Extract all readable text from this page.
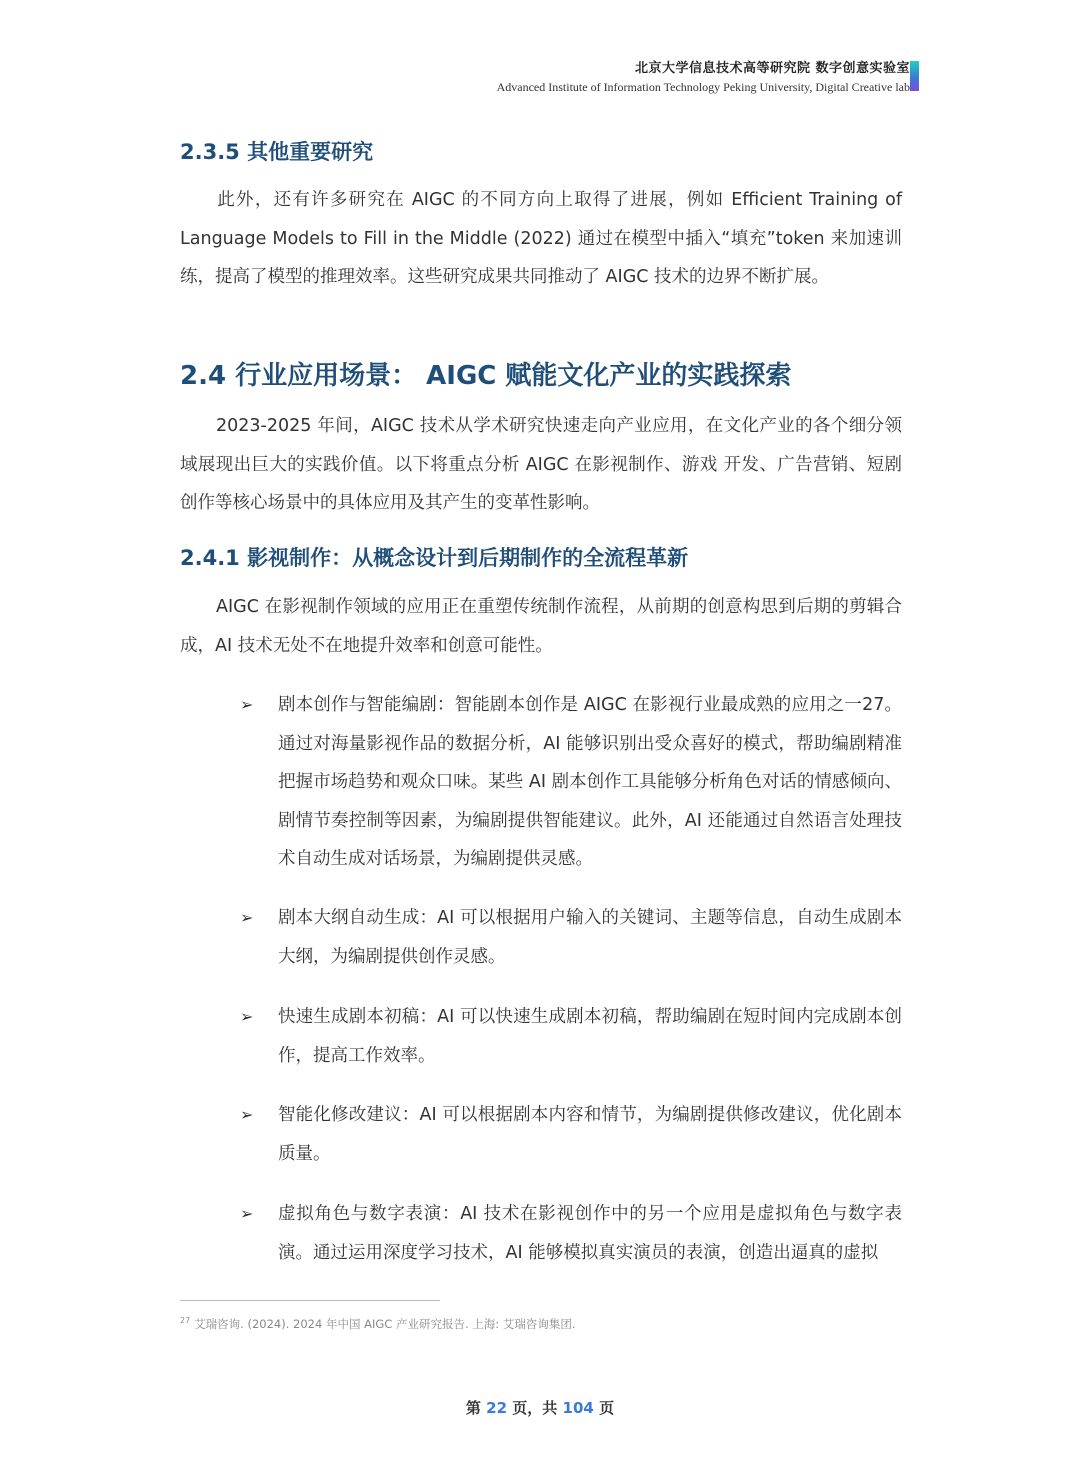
北京大学信息技术高等研究院 数字创意实验室
Advanced Institute of Information Technology Peking University, Digital Creative lab
2.3.5 其他重要研究

此外，还有许多研究在 AIGC 的不同方向上取得了进展，例如 Efficient Training of Language Models to Fill in the Middle (2022) 通过在模型中插入“填充”token 来加速训练，提高了模型的推理效率。这些研究成果共同推动了 AIGC 技术的边界不断扩展。

2.4 行业应用场景： AIGC 赋能文化产业的实践探索

2023-2025 年间，AIGC 技术从学术研究快速走向产业应用，在文化产业的各个细分领域展现出巨大的实践价值。以下将重点分析 AIGC 在影视制作、游戏 开发、广告营销、短剧创作等核心场景中的具体应用及其产生的变革性影响。

2.4.1 影视制作：从概念设计到后期制作的全流程革新

AIGC 在影视制作领域的应用正在重塑传统制作流程，从前期的创意构思到后期的剪辑合成，AI 技术无处不在地提升效率和创意可能性。

➢ 剧本创作与智能编剧：智能剧本创作是 AIGC 在影视行业最成熟的应用之一27。通过对海量影视作品的数据分析，AI 能够识别出受众喜好的模式，帮助编剧精准把握市场趋势和观众口味。某些 AI 剧本创作工具能够分析角色对话的情感倾向、剧情节奏控制等因素，为编剧提供智能建议。此外，AI 还能通过自然语言处理技术自动生成对话场景，为编剧提供灵感。

➢ 剧本大纲自动生成：AI 可以根据用户输入的关键词、主题等信息，自动生成剧本大纲，为编剧提供创作灵感。

➢ 快速生成剧本初稿：AI 可以快速生成剧本初稿，帮助编剧在短时间内完成剧本创作，提高工作效率。

➢ 智能化修改建议：AI 可以根据剧本内容和情节，为编剧提供修改建议，优化剧本质量。

➢ 虚拟角色与数字表演：AI 技术在影视创作中的另一个应用是虚拟角色与数字表演。通过运用深度学习技术，AI 能够模拟真实演员的表演，创造出逼真的虚拟

$^{27}$ 艾瑞咨询. (2024). 2024 年中国 AIGC 产业研究报告. 上海: 艾瑞咨询集团.
第 22 页，共 104 页
